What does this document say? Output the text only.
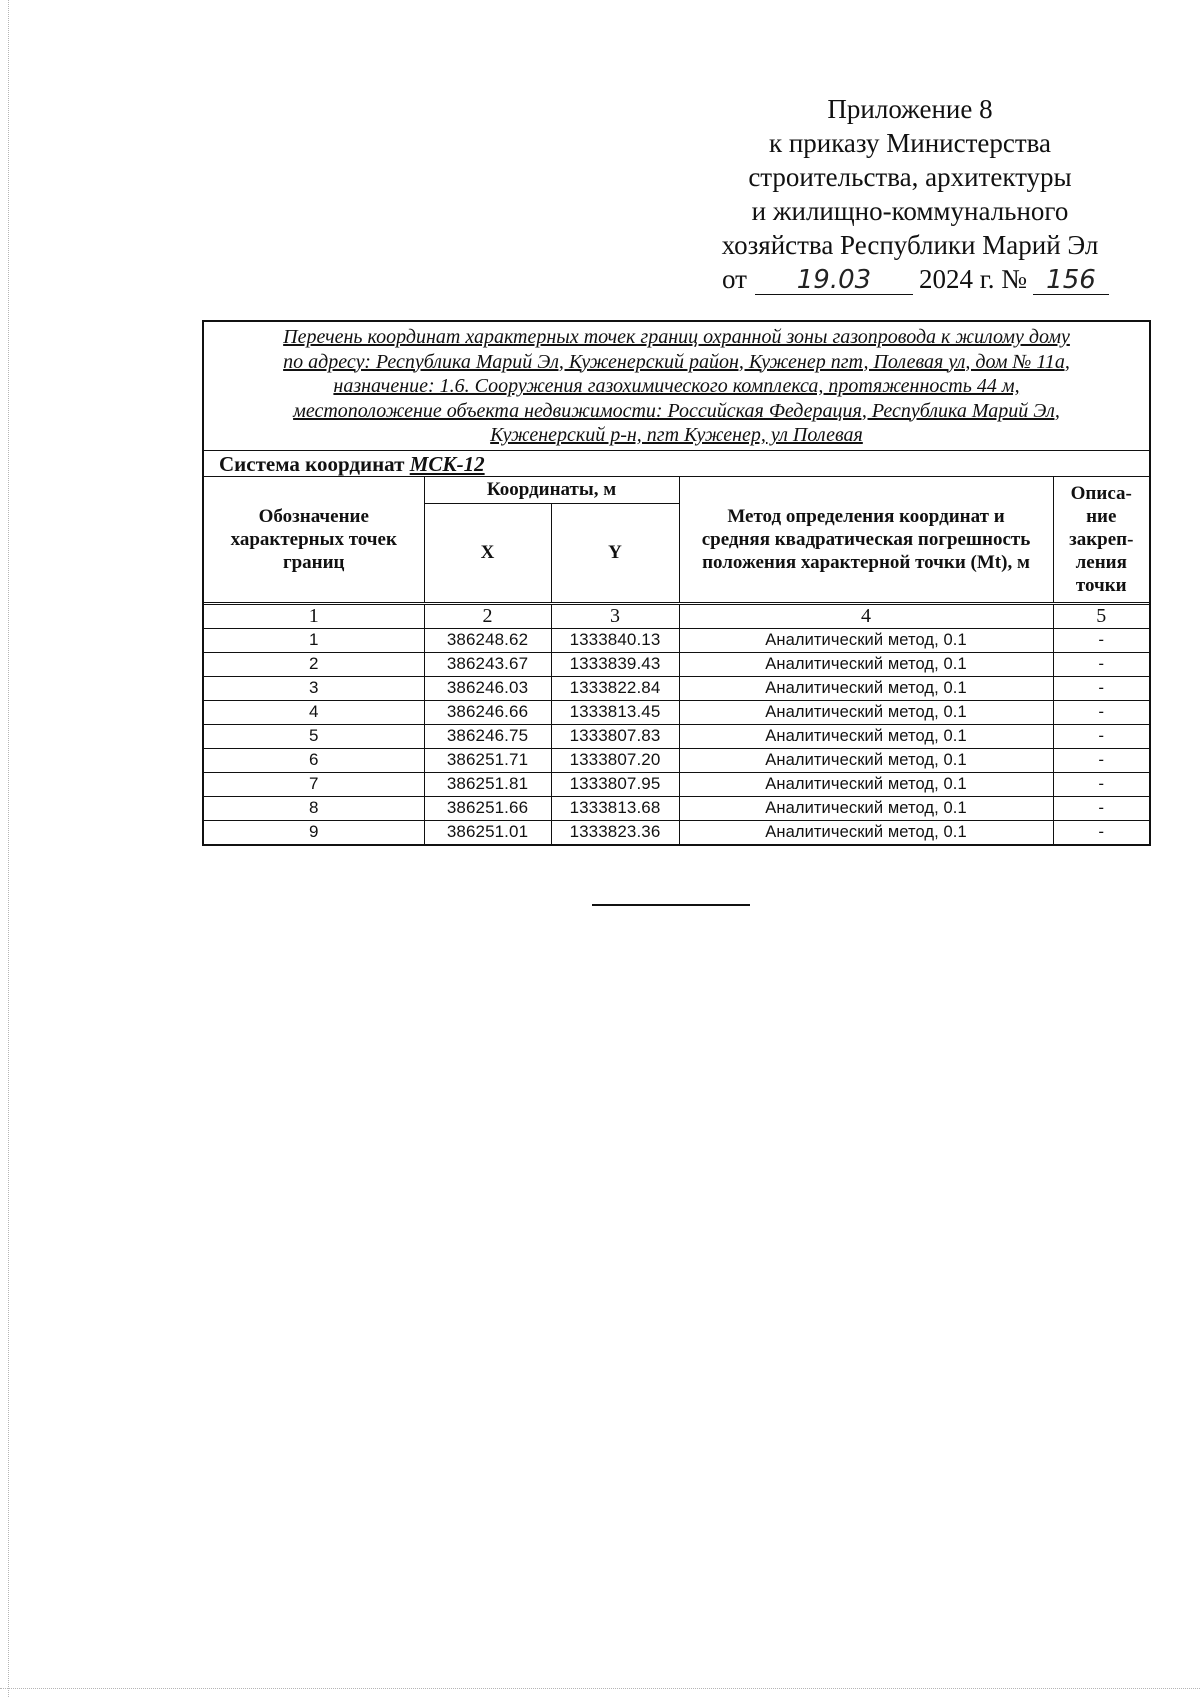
Приложение 8
к приказу Министерства
строительства, архитектуры
и жилищно-коммунального
хозяйства Республики Марий Эл
от 19.03 2024 г. № 156
Перечень координат характерных точек границ охранной зоны газопровода к жилому дому
по адресу: Республика Марий Эл, Куженерский район, Куженер пгт, Полевая ул, дом № 11а,
назначение: 1.6. Сооружения газохимического комплекса, протяженность 44 м,
местоположение объекта недвижимости: Российская Федерация, Республика Марий Эл,
Куженерский р-н, пгт Куженер, ул Полевая
Система координат МСК-12
Обозначение характерных точек границ	Координаты, м		Метод определения координат и средняя квадратическая погрешность положения характерной точки (Mt), м	Описа-
ние
закреп-
ления
точки

	X	Y		
1	2	3	4	5
1	386248.62	1333840.13	Аналитический метод, 0.1	-
2	386243.67	1333839.43	Аналитический метод, 0.1	-
3	386246.03	1333822.84	Аналитический метод, 0.1	-
4	386246.66	1333813.45	Аналитический метод, 0.1	-
5	386246.75	1333807.83	Аналитический метод, 0.1	-
6	386251.71	1333807.20	Аналитический метод, 0.1	-
7	386251.81	1333807.95	Аналитический метод, 0.1	-
8	386251.66	1333813.68	Аналитический метод, 0.1	-
9	386251.01	1333823.36	Аналитический метод, 0.1	-
